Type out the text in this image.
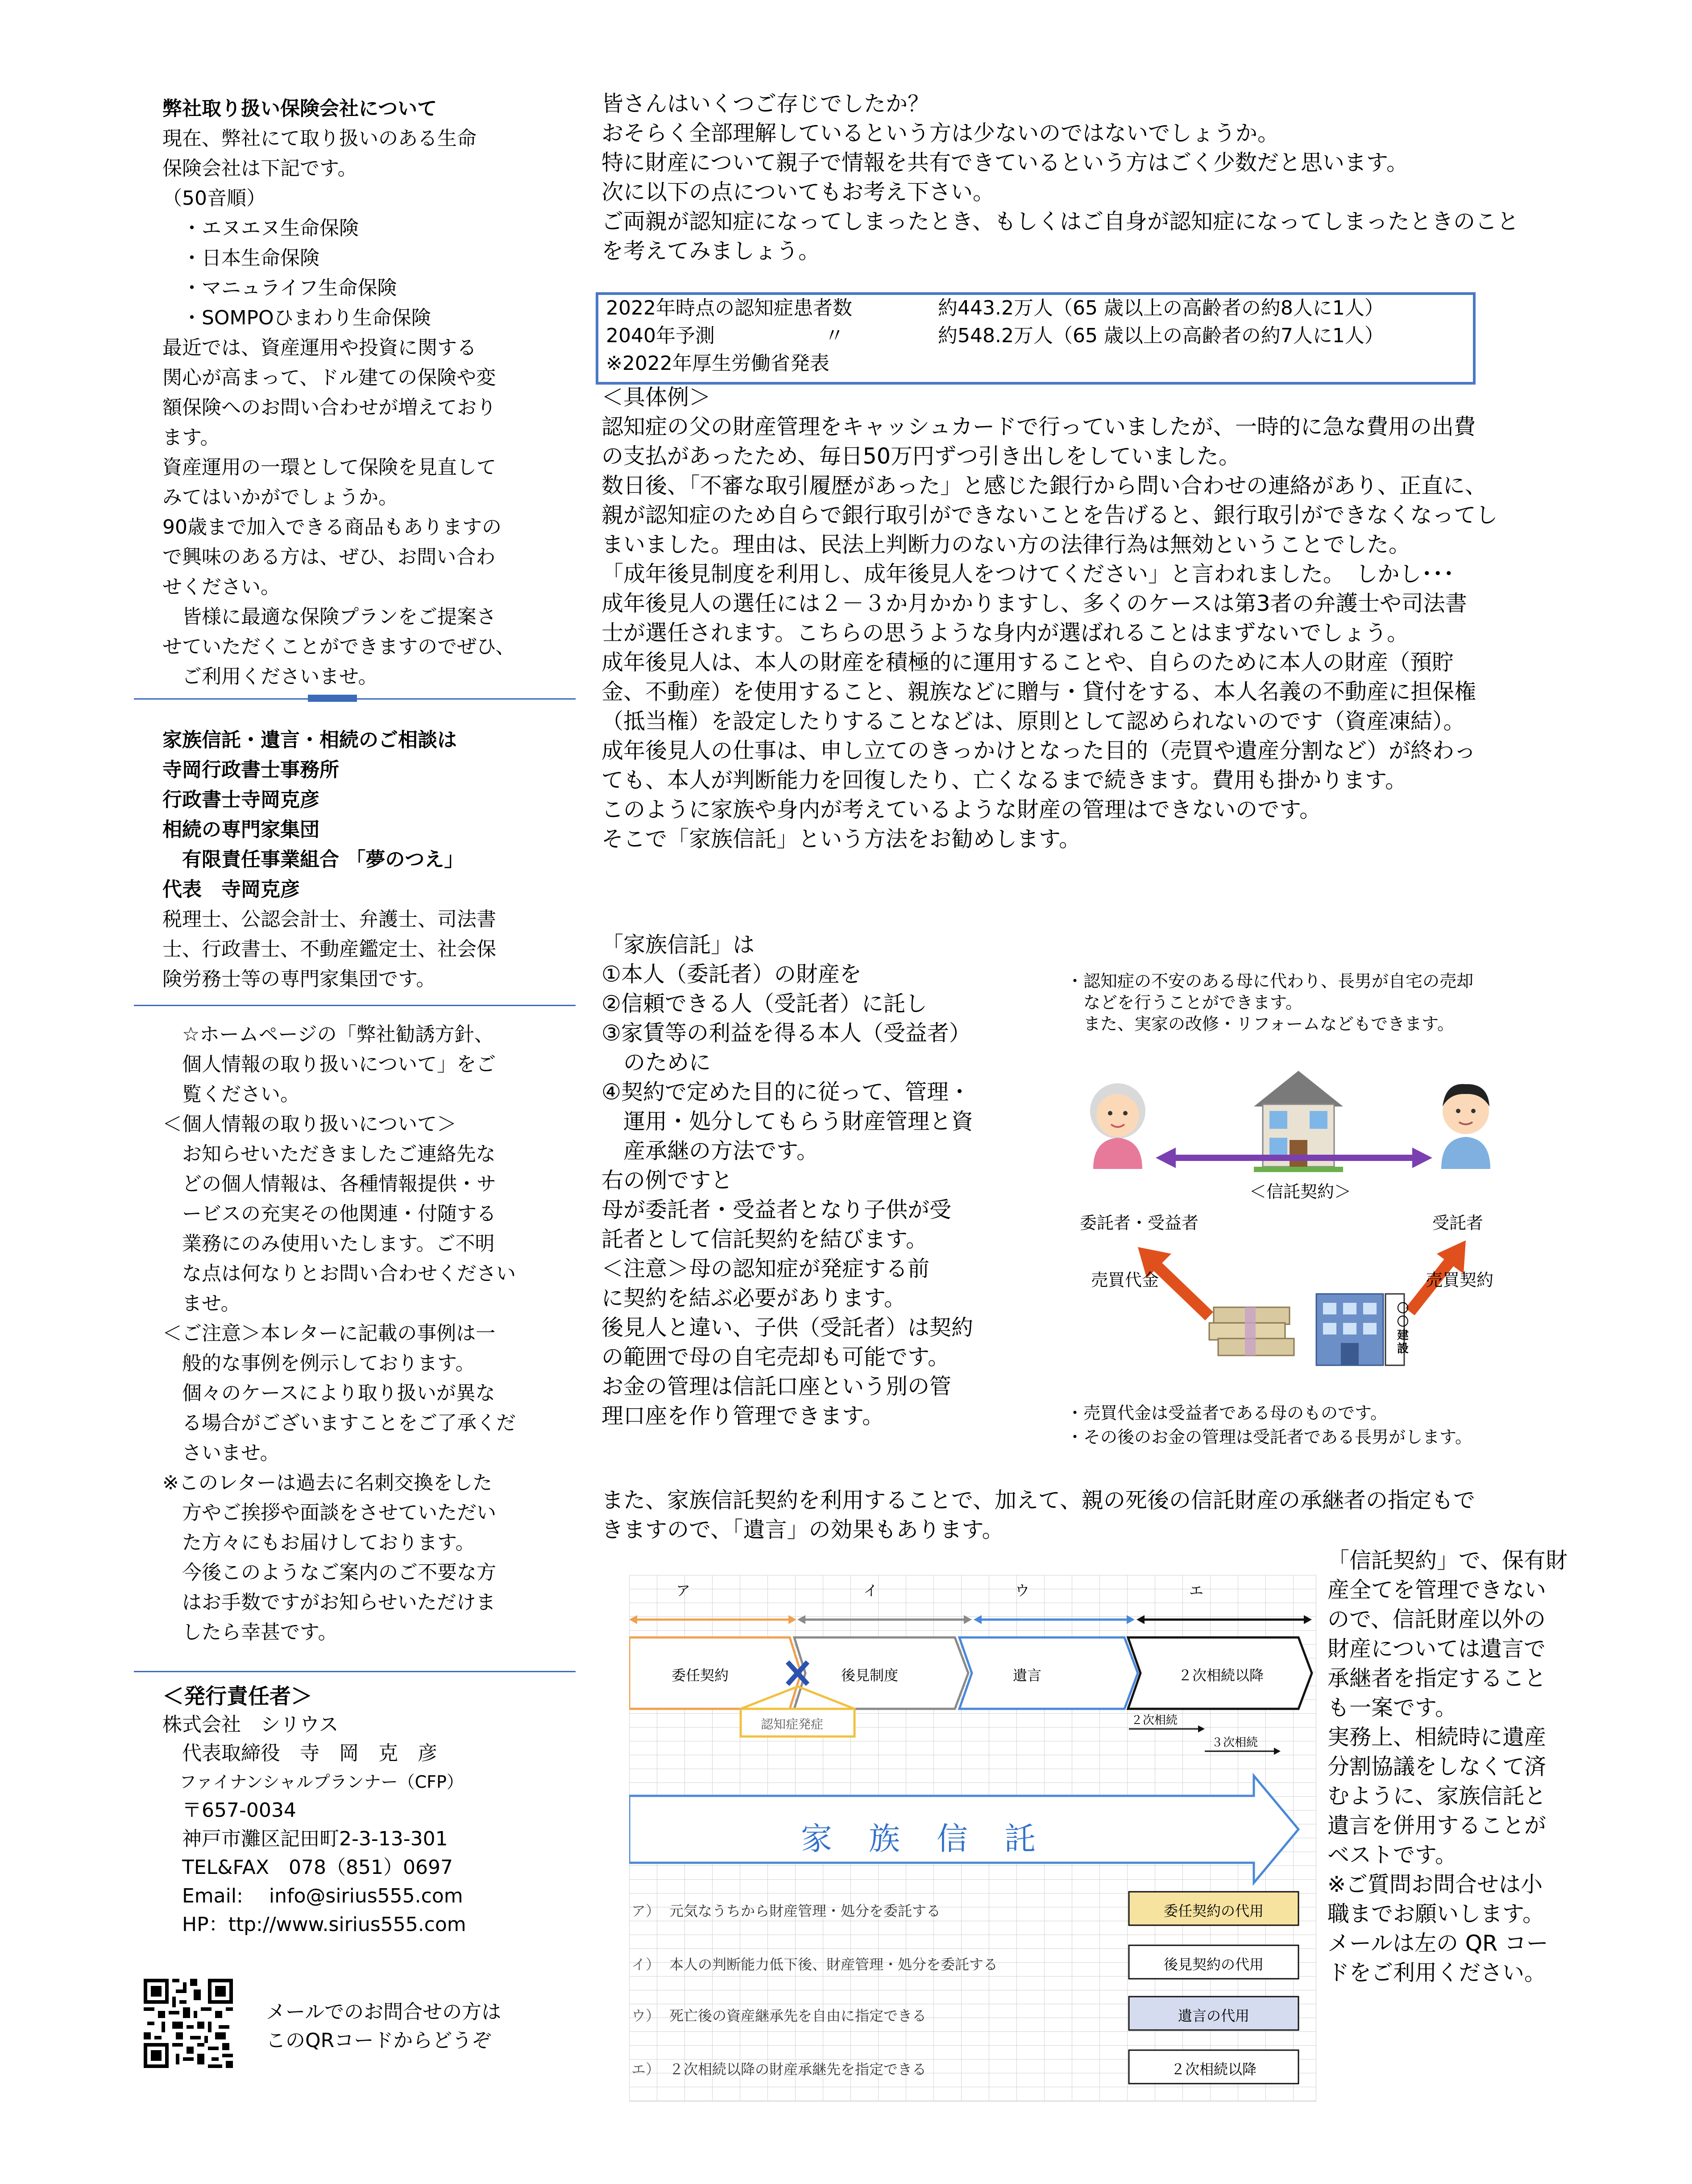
弊社取り扱い保険会社について
現在、弊社にて取り扱いのある生命
保険会社は下記です。
（50音順）
　・エヌエヌ生命保険
　・日本生命保険
　・マニュライフ生命保険
　・SOMPOひまわり生命保険
最近では、資産運用や投資に関する
関心が高まって、ドル建ての保険や変
額保険へのお問い合わせが増えており
ます。
資産運用の一環として保険を見直して
みてはいかがでしょうか。
90歳まで加入できる商品もありますの
で興味のある方は、ぜひ、お問い合わ
せください。
　皆様に最適な保険プランをご提案さ
せていただくことができますのでぜひ、
　ご利用くださいませ。
家族信託・遺言・相続のご相談は
寺岡行政書士事務所
行政書士寺岡克彦
相続の専門家集団
　有限責任事業組合 「夢のつえ」
代表　寺岡克彦
税理士、公認会計士、弁護士、司法書
士、行政書士、不動産鑑定士、社会保
険労務士等の専門家集団です。
　☆ホームページの「弊社勧誘方針、
　個人情報の取り扱いについて」をご
　覧ください。
＜個人情報の取り扱いについて＞
　お知らせいただきましたご連絡先な
　どの個人情報は、各種情報提供・サ
　ービスの充実その他関連・付随する
　業務にのみ使用いたします。ご不明
　な点は何なりとお問い合わせください
　ませ。
＜ご注意＞本レターに記載の事例は一
　般的な事例を例示しております。
　個々のケースにより取り扱いが異な
　る場合がございますことをご了承くだ
　さいませ。
※このレターは過去に名刺交換をした
　方やご挨拶や面談をさせていただい
　た方々にもお届けしております。
　今後このようなご案内のご不要な方
　はお手数ですがお知らせいただけま
　したら幸甚です。
＜発行責任者＞
株式会社　シリウス
　代表取締役　寺　岡　克　彦
　ファイナンシャルプランナー（CFP）
　〒657-0034
　神戸市灘区記田町2-3-13-301
　TEL&FAX　078（851）0697
　Email:　 info@sirius555.com
　HP：ttp://www.sirius555.com
メールでのお問合せの方は
このQRコードからどうぞ
皆さんはいくつご存じでしたか？
おそらく全部理解しているという方は少ないのではないでしょうか。
特に財産について親子で情報を共有できているという方はごく少数だと思います。
次に以下の点についてもお考え下さい。
ご両親が認知症になってしまったとき、もしくはご自身が認知症になってしまったときのこと
を考えてみましょう。
2022年時点の認知症患者数	約443.2万人（65 歳以上の高齢者の約8人に1人）
2040年予測	〃	約548.2万人（65 歳以上の高齢者の約7人に1人）
※2022年厚生労働省発表
＜具体例＞
認知症の父の財産管理をキャッシュカードで行っていましたが、一時的に急な費用の出費
の支払があったため、毎日50万円ずつ引き出しをしていました。
数日後、「不審な取引履歴があった」と感じた銀行から問い合わせの連絡があり、正直に、
親が認知症のため自らで銀行取引ができないことを告げると、銀行取引ができなくなってし
まいました。理由は、民法上判断力のない方の法律行為は無効ということでした。
「成年後見制度を利用し、成年後見人をつけてください」と言われました。　しかし･･･
成年後見人の選任には２－３か月かかりますし、多くのケースは第3者の弁護士や司法書
士が選任されます。こちらの思うような身内が選ばれることはまずないでしょう。
成年後見人は、本人の財産を積極的に運用することや、自らのために本人の財産（預貯
金、不動産）を使用すること、親族などに贈与・貸付をする、本人名義の不動産に担保権
（抵当権）を設定したりすることなどは、原則として認められないのです（資産凍結）。
成年後見人の仕事は、申し立てのきっかけとなった目的（売買や遺産分割など）が終わっ
ても、本人が判断能力を回復したり、亡くなるまで続きます。費用も掛かります。
このように家族や身内が考えているような財産の管理はできないのです。
そこで「家族信託」という方法をお勧めします。
「家族信託」は
①本人（委託者）の財産を
②信頼できる人（受託者）に託し
③家賃等の利益を得る本人（受益者）
　のために
④契約で定めた目的に従って、管理・
　運用・処分してもらう財産管理と資
　産承継の方法です。
右の例ですと
母が委託者・受益者となり子供が受
託者として信託契約を結びます。
＜注意＞母の認知症が発症する前
に契約を結ぶ必要があります。
後見人と違い、子供（受託者）は契約
の範囲で母の自宅売却も可能です。
お金の管理は信託口座という別の管
理口座を作り管理できます。
・認知症の不安のある母に代わり、長男が自宅の売却
　などを行うことができます。
　また、実家の改修・リフォームなどもできます。
〇〇建設
＜信託契約＞
委託者・受益者	受託者
売買代金	売買契約
・売買代金は受益者である母のものです。
・その後のお金の管理は受託者である長男がします。
また、家族信託契約を利用することで、加えて、親の死後の信託財産の承継者の指定もで
きますので、「遺言」の効果もあります。
ア	イ	ウ	エ
委任契約	後見制度	遺言	２次相続以降
認知症発症	２次相続
３次相続
家　族　信　託
ア） 元気なうちから財産管理・処分を委託する	委任契約の代用
イ） 本人の判断能力低下後、財産管理・処分を委託する	後見契約の代用
ウ） 死亡後の資産継承先を自由に指定できる	遺言の代用
エ） ２次相続以降の財産承継先を指定できる	２次相続以降
「信託契約」で、保有財
産全てを管理できない
ので、信託財産以外の
財産については遺言で
承継者を指定すること
も一案です。
実務上、相続時に遺産
分割協議をしなくて済
むように、家族信託と
遺言を併用することが
ベストです。
※ご質問お問合せは小
職までお願いします。
メールは左の QR コー
ドをご利用ください。
